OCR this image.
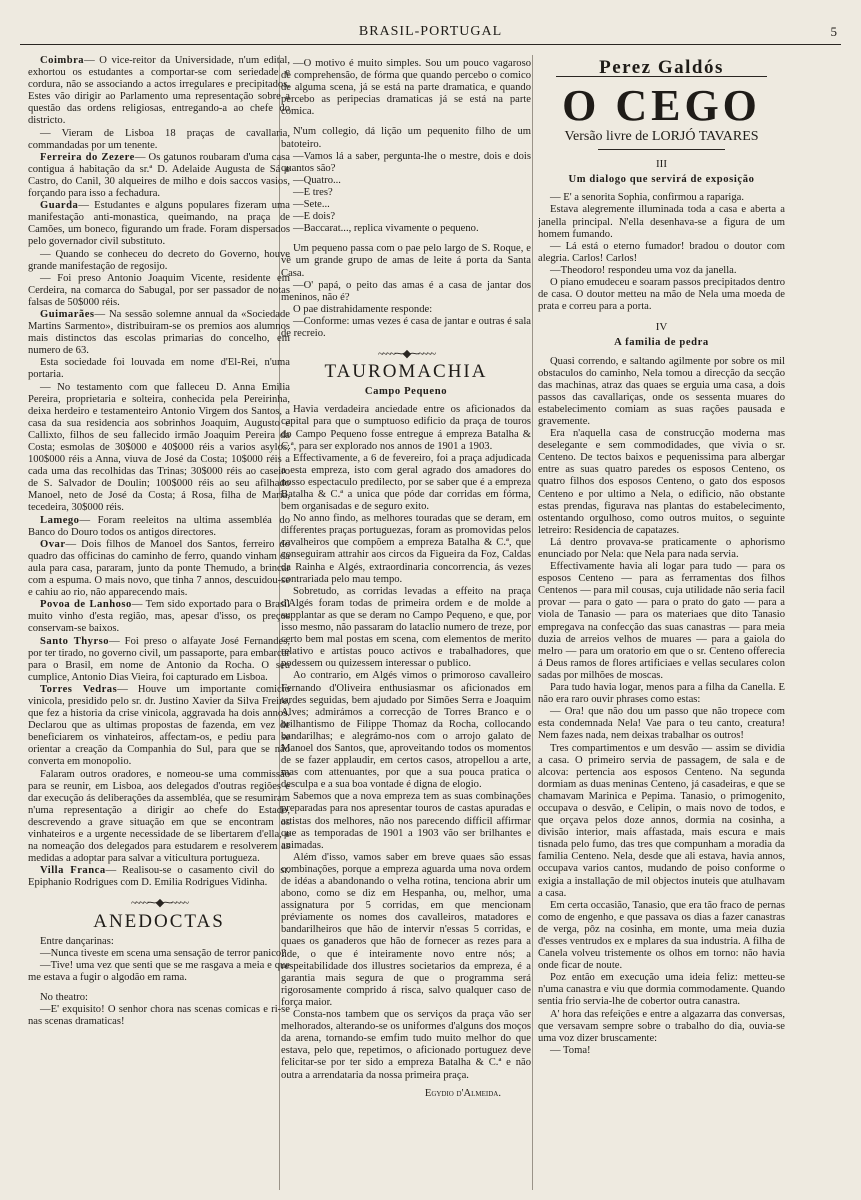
BRASIL-PORTUGAL	5

Coimbra— O vice-reitor da Universidade, n'um edital, exhortou os estudantes a comportar-se com seriedade e cordura, não se associando a actos irregulares e precipitados. Estes vão dirigir ao Parlamento uma representação sobre a questão das ordens religiosas, entregando-a ao chefe do districto.

— Vieram de Lisboa 18 praças de cavallaria, commandadas por um tenente.

Ferreira do Zezere— Os gatunos roubaram d'uma casa contigua á habitação da sr.ª D. Adelaide Augusta de Sá e Castro, do Canil, 30 alqueires de milho e dois saccos vasios, forçando para isso a fechadura.

Guarda— Estudantes e alguns populares fizeram uma manifestação anti-monastica, queimando, na praça de Camões, um boneco, figurando um frade. Foram dispersados pelo governador civil substituto.

— Quando se conheceu do decreto do Governo, houve grande manifestação de regosijo.

— Foi preso Antonio Joaquim Vicente, residente em Cerdeira, na comarca do Sabugal, por ser passador de notas falsas de 50$000 réis.

Guimarães— Na sessão solemne annual da «Sociedade Martins Sarmento», distribuiram-se os premios aos alumnos mais distinctos das escolas primarias do concelho, em numero de 63.

Esta sociedade foi louvada em nome d'El-Rei, n'uma portaria.

— No testamento com que falleceu D. Anna Emilia Pereira, proprietaria e solteira, conhecida pela Pereirinha, deixa herdeiro e testamenteiro Antonio Virgem dos Santos, a casa da sua residencia aos sobrinhos Joaquim, Augusto e Callixto, filhos de seu fallecido irmão Joaquim Pereira da Costa; esmolas de 30$000 e 40$000 réis a varios asylos; 100$000 réis a Anna, viuva de José da Costa; 10$000 réis a cada uma das recolhidas das Trinas; 30$000 réis ao caseiro de S. Salvador de Doulin; 100$000 réis ao seu afilhado Manoel, neto de José da Costa; á Rosa, filha de Maria, tecedeira, 30$000 réis.

Lamego— Foram reeleitos na ultima assembléa do Banco do Douro todos os antigos directores.

Ovar— Dois filhos de Manoel dos Santos, ferreiro do quadro das officinas do caminho de ferro, quando vinham da aula para casa, pararam, junto da ponte Themudo, a brincar com a espuma. O mais novo, que tinha 7 annos, descuidou-se e cahiu ao rio, não apparecendo mais.

Povoa de Lanhoso— Tem sido exportado para o Brasil muito vinho d'esta região, mas, apesar d'isso, os preços conservam-se baixos.

Santo Thyrso— Foi preso o alfayate José Fernandes, por ter tirado, no governo civil, um passaporte, para embarcar para o Brasil, em nome de Antonio da Rocha. O seu cumplice, Antonio Dias Vieira, foi capturado em Lisboa.

Torres Vedras— Houve um importante comicio vinicola, presidido pelo sr. dr. Justino Xavier da Silva Freire, que fez a historia da crise vinicola, aggravada ha dois annos. Declarou que as ultimas propostas de fazenda, em vez de beneficiarem os vinhateiros, affectam-os, e pediu para se orientar a creação da Companhia do Sul, para que se não converta em monopolio.

Falaram outros oradores, e nomeou-se uma commissão para se reunir, em Lisboa, aos delegados d'outras regiões e dar execução ás deliberações da assembléa, que se resumiram n'uma representação a dirigir ao chefe do Estado, descrevendo a grave situação em que se encontram os vinhateiros e a urgente necessidade de se libertarem d'ella, e na nomeação dos delegados para estudarem e resolverem as medidas a adoptar para salvar a viticultura portugueza.

Villa Franca— Realisou-se o casamento civil do sr. Epiphanio Rodrigues com D. Emilia Rodrigues Vidinha.

~~~~⁓◆⁓~~~~
ANEDOCTAS

Entre dançarinas:

—Nunca tiveste em scena uma sensação de terror panico?

—Tive! uma vez que senti que se me rasgava a meia e que me estava a fugir o algodão em rama.

No theatro:

—E' exquisito! O senhor chora nas scenas comicas e ri-se nas scenas dramaticas!

—O motivo é muito simples. Sou um pouco vagaroso de comprehensão, de fórma que quando percebo o comico de alguma scena, já se está na parte dramatica, e quando percebo as peripecias dramaticas já se está na parte comica.

N'um collegio, dá lição um pequenito filho de um batoteiro.

—Vamos lá a saber, pergunta-lhe o mestre, dois e dois quantos são?

—Quatro...

—E tres?

—Sete...

—E dois?

—Baccarat..., replica vivamente o pequeno.

Um pequeno passa com o pae pelo largo de S. Roque, e vê um grande grupo de amas de leite á porta da Santa Casa.

—O' papá, o peito das amas é a casa de jantar dos meninos, não é?

O pae distrahidamente responde:

—Conforme: umas vezes é casa de jantar e outras é sala de recreio.

~~~~⁓◆⁓~~~~
TAUROMACHIA
Campo Pequeno

Havia verdadeira anciedade entre os aficionados da capital para que o sumptuoso edificio da praça de touros do Campo Pequeno fosse entregue á empreza Batalha & C.ª, para ser explorado nos annos de 1901 a 1903.

Effectivamente, a 6 de fevereiro, foi a praça adjudicada a esta empreza, isto com geral agrado dos amadores do nosso espectaculo predilecto, por se saber que é a empreza Batalha & C.ª a unica que póde dar corridas em fórma, bem organisadas e de seguro exito.

No anno findo, as melhores touradas que se deram, em differentes praças portuguezas, foram as promovidas pelos cavalheiros que compõem a empreza Batalha & C.ª, que conseguiram attrahir aos circos da Figueira da Foz, Caldas da Rainha e Algés, extraordinaria concorrencia, ás vezes contrariada pelo mau tempo.

Sobretudo, as corridas levadas a effeito na praça d'Algés foram todas de primeira ordem e de molde a supplantar as que se deram no Campo Pequeno, e que, por isso mesmo, não passaram do lataclio numero de treze, por certo bem mal postas em scena, com elementos de merito relativo e artistas pouco activos e trabalhadores, que podessem ou quizessem interessar o publico.

Ao contrario, em Algés vimos o primoroso cavalleiro Fernando d'Oliveira enthusiasmar os aficionados em tardes seguidas, bem ajudado por Simões Serra e Joaquim Alves; admirámos a correcção de Torres Branco e o brilhantismo de Filippe Thomaz da Rocha, collocando bandarilhas; e alegrámo-nos com o arrojo galato de Manoel dos Santos, que, aproveitando todos os momentos de se fazer applaudir, em certos casos, atropellou a arte, mas com attenuantes, por que a sua pouca pratica o desculpa e a sua boa vontade é digna de elogio.

Sabemos que a nova empreza tem as suas combinações preparadas para nos apresentar touros de castas apuradas e artistas dos melhores, não nos parecendo difficil affirmar que as temporadas de 1901 a 1903 vão ser brilhantes e animadas.

Além d'isso, vamos saber em breve quaes são essas combinações, porque a empreza aguarda uma nova ordem de idéas a abandonando o velha rotina, tenciona abrir um abono, como se diz em Hespanha, ou, melhor, uma assignatura por 5 corridas, em que mencionam préviamente os nomes dos cavalleiros, matadores e bandarilheiros que hão de intervir n'essas 5 corridas, e quaes os ganaderos que hão de fornecer as rezes para a lide, o que é inteiramente novo entre nós; a respeitabilidade dos illustres societarios da empreza, é a garantia mais segura de que o programma será rigorosamente comprido á risca, salvo qualquer caso de força maior.

Consta-nos tambem que os serviços da praça vão ser melhorados, alterando-se os uniformes d'alguns dos moços da arena, tornando-se emfim tudo muito melhor do que estava, pelo que, repetimos, o aficionado portuguez deve felicitar-se por ter sido a empreza Batalha & C.ª e não outra a arrendataria da nossa primeira praça.

Egydio d'Almeida.
Perez Galdós
O CEGO
Versão livre de LORJÓ TAVARES
III
Um dialogo que servirá de exposição

— E' a senorita Sophia, confirmou a rapariga.

Estava alegremente illuminada toda a casa e aberta a janella principal. N'ella desenhava-se a figura de um homem fumando.

— Lá está o eterno fumador! bradou o doutor com alegria. Carlos! Carlos!

—Theodoro! respondeu uma voz da janella.

O piano emudeceu e soaram passos precipitados dentro de casa. O doutor metteu na mão de Nela uma moeda de prata e correu para a porta.

IV
A familia de pedra

Quasi correndo, e saltando agilmente por sobre os mil obstaculos do caminho, Nela tomou a direcção da secção das machinas, atraz das quaes se erguia uma casa, a dois passos das cavallariças, onde os sessenta muares do estabelecimento comiam as suas rações pausada e gravemente.

Era n'aquella casa de construcção moderna mas deselegante e sem commodidades, que vivia o sr. Centeno. De tectos baixos e pequenissima para albergar entre as suas quatro paredes os esposos Centeno, os quatro filhos dos esposos Centeno, o gato dos esposos Centeno e por ultimo a Nela, o edificio, não obstante estas prendas, figurava nas plantas do estabelecimento, ostentando orgulhoso, como outros muitos, o seguinte letreiro: Residencia de capatazes.

Lá dentro provava-se praticamente o aphorismo enunciado por Nela: que Nela para nada servia.

Effectivamente havia ali logar para tudo — para os esposos Centeno — para as ferramentas dos filhos Centenos — para mil cousas, cuja utilidade não seria facil provar — para o gato — para o prato do gato — para a viola de Tanasio — para os materiaes que dito Tanasio empregava na confecção das suas canastras — para meia duzia de arreios velhos de muares — para a gaiola do melro — para um oratorio em que o sr. Centeno offerecia á Deus ramos de flores artificiaes e vellas seculares colon sadas por milhões de moscas.

Para tudo havia logar, menos para a filha da Canella. E não era raro ouvir phrases como estas:

— Ora! que não dou um passo que não tropece com esta condemnada Nela! Vae para o teu canto, creatura! Nem fazes nada, nem deixas trabalhar os outros!

Tres compartimentos e um desvão — assim se dividia a casa. O primeiro servia de passagem, de sala e de alcova: pertencia aos esposos Centeno. Na segunda dormiam as duas meninas Centeno, já casadeiras, e que se chamavam Marinica e Pepima. Tanasio, o primogenito, occupava o desvão, e Celipin, o mais novo de todos, e que orçava pelos doze annos, dormia na cosinha, a divisão interior, mais affastada, mais escura e mais tisnada pelo fumo, das tres que compunham a moradia da familia Centeno. Nela, desde que ali estava, havia annos, occupava varios cantos, mudando de poiso conforme o exigia a installação de mil objectos inuteis que atulhavam a casa.

Em certa occasião, Tanasio, que era tão fraco de pernas como de engenho, e que passava os dias a fazer canastras de verga, pôz na cosinha, em monte, uma meia duzia d'esses ventrudos ex e mplares da sua industria. A filha de Canela volveu tristemente os olhos em torno: não havia onde ficar de noute.

Poz então em execução uma ideia feliz: metteu-se n'uma canastra e viu que dormia commodamente. Quando sentia frio servia-lhe de cobertor outra canastra.

A' hora das refeições e entre a algazarra das conversas, que versavam sempre sobre o trabalho do dia, ouvia-se uma voz dizer bruscamente:

— Toma!
